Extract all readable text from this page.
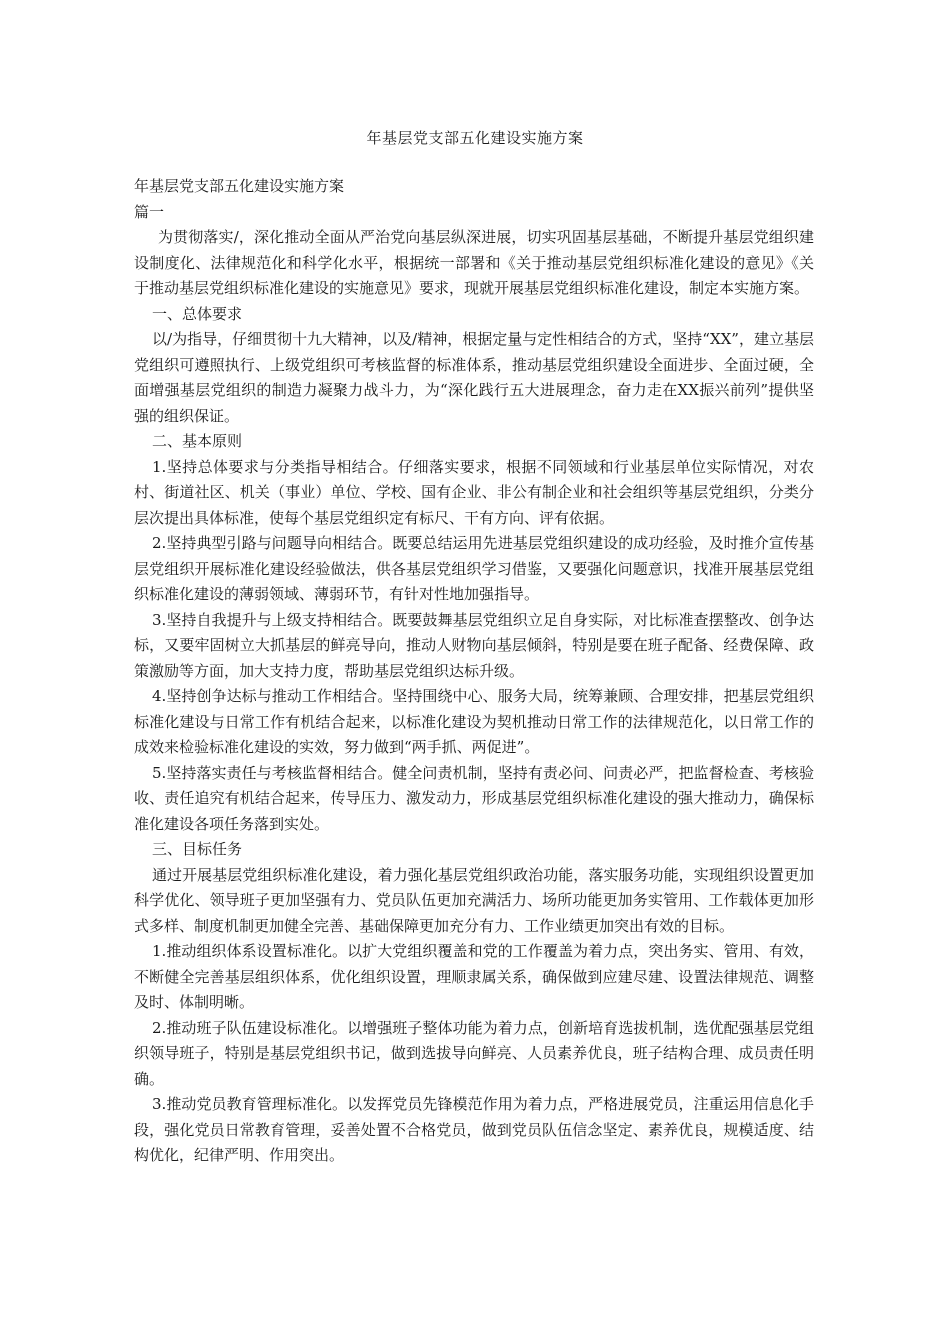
年基层党支部五化建设实施方案

年基层党支部五化建设实施方案

篇一

为贯彻落实/，深化推动全面从严治党向基层纵深进展，切实巩固基层基础，不断提升基层党组织建设制度化、法律规范化和科学化水平，根据统一部署和《关于推动基层党组织标准化建设的意见》《关于推动基层党组织标准化建设的实施意见》要求，现就开展基层党组织标准化建设，制定本实施方案。

一、总体要求

以/为指导，仔细贯彻十九大精神，以及/精神，根据定量与定性相结合的方式，坚持“XX”，建立基层党组织可遵照执行、上级党组织可考核监督的标准体系，推动基层党组织建设全面进步、全面过硬，全面增强基层党组织的制造力凝聚力战斗力，为“深化践行五大进展理念，奋力走在XX振兴前列”提供坚强的组织保证。

二、基本原则

1.坚持总体要求与分类指导相结合。仔细落实要求，根据不同领域和行业基层单位实际情况，对农村、街道社区、机关（事业）单位、学校、国有企业、非公有制企业和社会组织等基层党组织，分类分层次提出具体标准，使每个基层党组织定有标尺、干有方向、评有依据。

2.坚持典型引路与问题导向相结合。既要总结运用先进基层党组织建设的成功经验，及时推介宣传基层党组织开展标准化建设经验做法，供各基层党组织学习借鉴，又要强化问题意识，找准开展基层党组织标准化建设的薄弱领域、薄弱环节，有针对性地加强指导。

3.坚持自我提升与上级支持相结合。既要鼓舞基层党组织立足自身实际，对比标准查摆整改、创争达标，又要牢固树立大抓基层的鲜亮导向，推动人财物向基层倾斜，特别是要在班子配备、经费保障、政策激励等方面，加大支持力度，帮助基层党组织达标升级。

4.坚持创争达标与推动工作相结合。坚持围绕中心、服务大局，统筹兼顾、合理安排，把基层党组织标准化建设与日常工作有机结合起来，以标准化建设为契机推动日常工作的法律规范化，以日常工作的成效来检验标准化建设的实效，努力做到“两手抓、两促进”。

5.坚持落实责任与考核监督相结合。健全问责机制，坚持有责必问、问责必严，把监督检查、考核验收、责任追究有机结合起来，传导压力、激发动力，形成基层党组织标准化建设的强大推动力，确保标准化建设各项任务落到实处。

三、目标任务

通过开展基层党组织标准化建设，着力强化基层党组织政治功能，落实服务功能，实现组织设置更加科学优化、领导班子更加坚强有力、党员队伍更加充满活力、场所功能更加务实管用、工作载体更加形式多样、制度机制更加健全完善、基础保障更加充分有力、工作业绩更加突出有效的目标。

1.推动组织体系设置标准化。以扩大党组织覆盖和党的工作覆盖为着力点，突出务实、管用、有效，不断健全完善基层组织体系，优化组织设置，理顺隶属关系，确保做到应建尽建、设置法律规范、调整及时、体制明晰。

2.推动班子队伍建设标准化。以增强班子整体功能为着力点，创新培育选拔机制，选优配强基层党组织领导班子，特别是基层党组织书记，做到选拔导向鲜亮、人员素养优良，班子结构合理、成员责任明确。

3.推动党员教育管理标准化。以发挥党员先锋模范作用为着力点，严格进展党员，注重运用信息化手段，强化党员日常教育管理，妥善处置不合格党员，做到党员队伍信念坚定、素养优良，规模适度、结构优化，纪律严明、作用突出。
